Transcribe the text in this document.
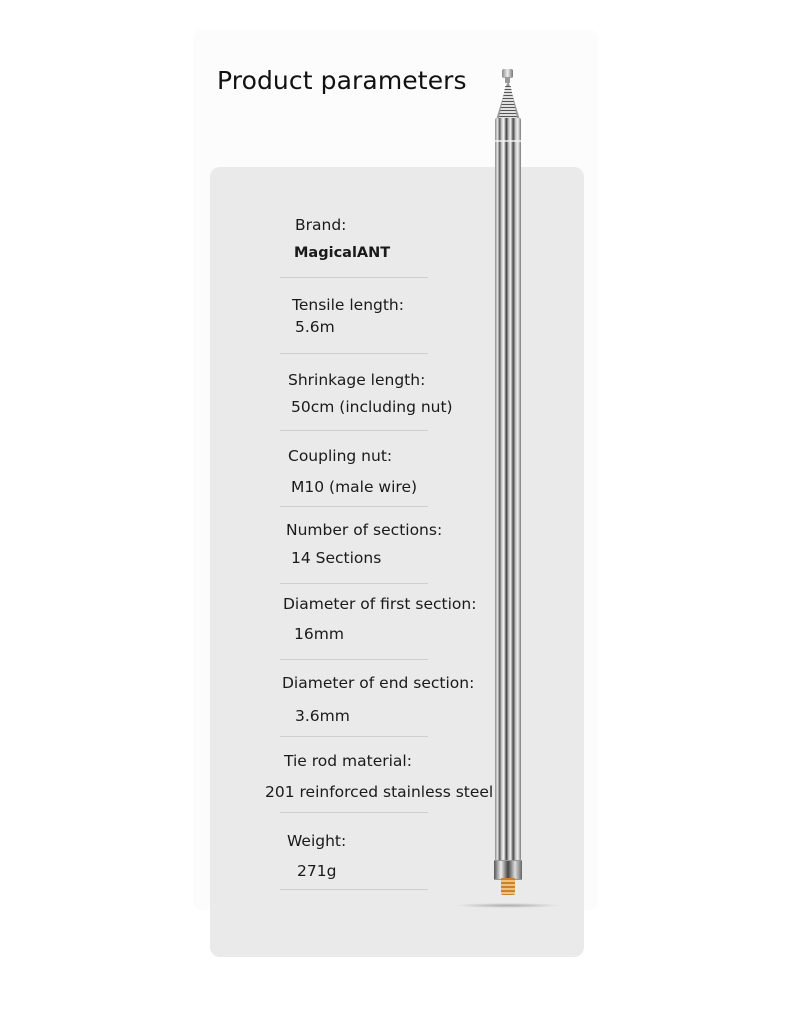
Product parameters
Brand:
MagicalANT
Tensile length:
5.6m
Shrinkage length:
50cm (including nut)
Coupling nut:
M10 (male wire)
Number of sections:
14 Sections
Diameter of first section:
16mm
Diameter of end section:
3.6mm
Tie rod material:
201 reinforced stainless steel
Weight:
271g
